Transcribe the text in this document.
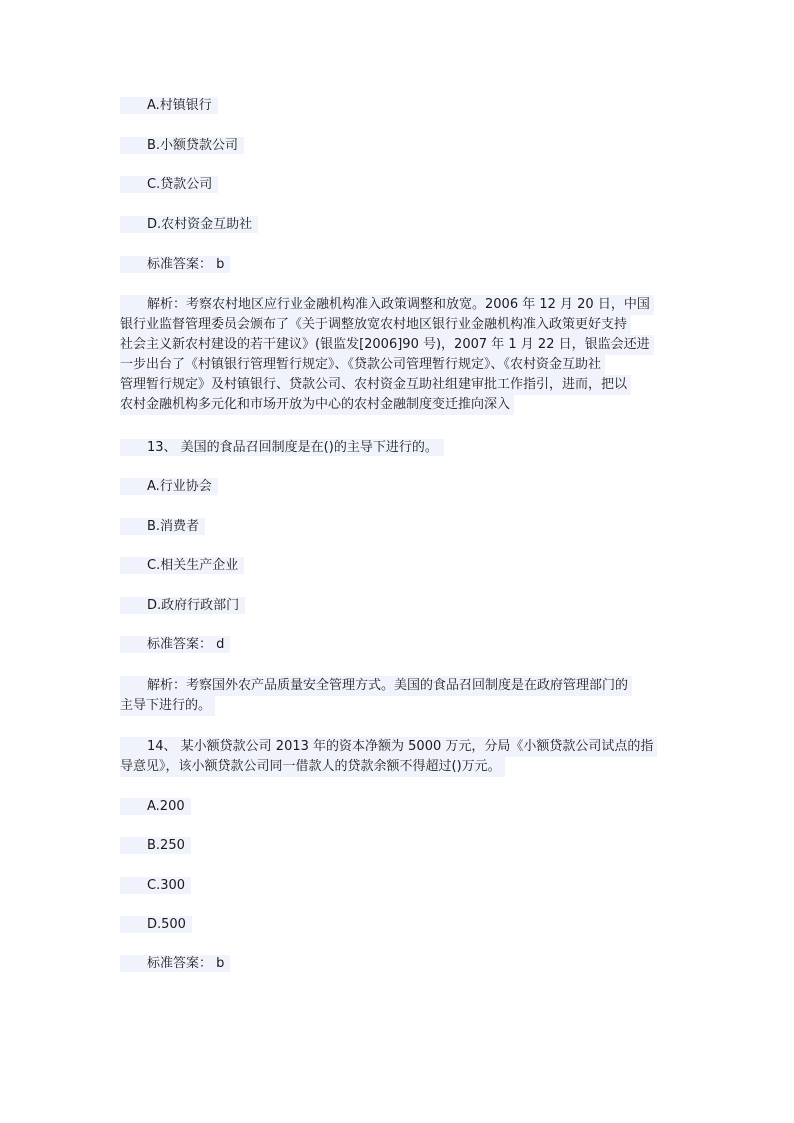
A.村镇银行
B.小额贷款公司
C.贷款公司
D.农村资金互助社
标准答案： b
解析：考察农村地区应行业金融机构准入政策调整和放宽。2006 年 12 月 20 日，中国
银行业监督管理委员会颁布了《关于调整放宽农村地区银行业金融机构准入政策更好支持
社会主义新农村建设的若干建议》(银监发[2006]90 号)，2007 年 1 月 22 日，银监会还进
一步出台了《村镇银行管理暂行规定》、《贷款公司管理暂行规定》、《农村资金互助社
管理暂行规定》及村镇银行、贷款公司、农村资金互助社组建审批工作指引，进而，把以
农村金融机构多元化和市场开放为中心的农村金融制度变迁推向深入
13、 美国的食品召回制度是在()的主导下进行的。
A.行业协会
B.消费者
C.相关生产企业
D.政府行政部门
标准答案： d
解析：考察国外农产品质量安全管理方式。美国的食品召回制度是在政府管理部门的
主导下进行的。
14、 某小额贷款公司 2013 年的资本净额为 5000 万元，分局《小额贷款公司试点的指
导意见》，该小额贷款公司同一借款人的贷款余额不得超过()万元。
A.200
B.250
C.300
D.500
标准答案： b
